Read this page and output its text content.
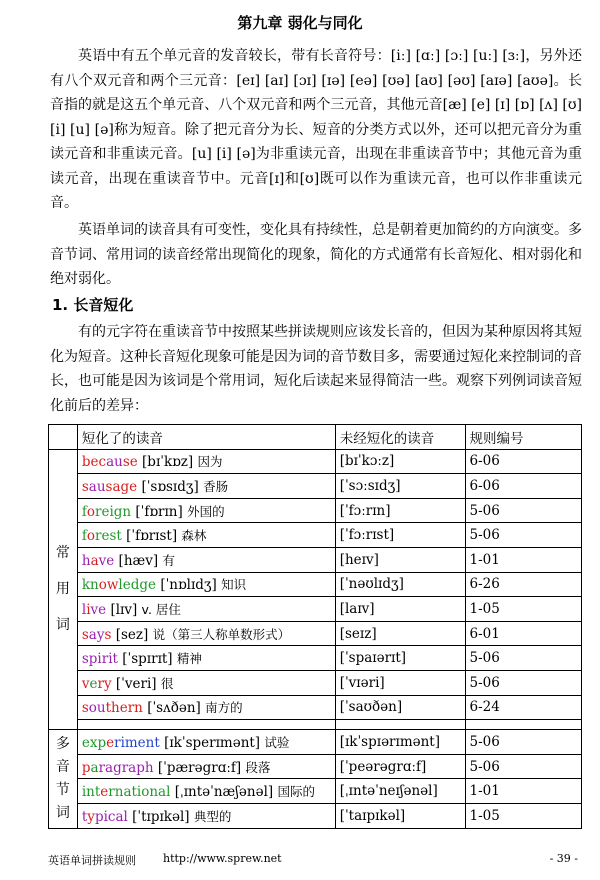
第九章 弱化与同化
英语中有五个单元音的发音较长，带有长音符号：[iː] [ɑː] [ɔː] [uː] [ɜː]，另外还有八个双元音和两个三元音：[eɪ] [aɪ] [ɔɪ] [ɪə] [eə] [ʊə] [aʊ] [əʊ] [aɪə] [aʊə]。长音指的就是这五个单元音、八个双元音和两个三元音，其他元音[æ] [e] [ɪ] [ɒ] [ʌ] [ʊ] [i] [u] [ə]称为短音。除了把元音分为长、短音的分类方式以外，还可以把元音分为重读元音和非重读元音。[u] [i] [ə]为非重读元音，出现在非重读音节中；其他元音为重读元音，出现在重读音节中。元音[ɪ]和[ʊ]既可以作为重读元音，也可以作非重读元音。
英语单词的读音具有可变性，变化具有持续性，总是朝着更加简约的方向演变。多音节词、常用词的读音经常出现简化的现象，简化的方式通常有长音短化、相对弱化和绝对弱化。
1. 长音短化
有的元字符在重读音节中按照某些拼读规则应该发长音的，但因为某种原因将其短化为短音。这种长音短化现象可能是因为词的音节数目多，需要通过短化来控制词的音长，也可能是因为该词是个常用词，短化后读起来显得简洁一些。观察下列例词读音短化前后的差异：
	短化了的读音	未经短化的读音	规则编号

常
用
词	because [bɪˈkɒz] 因为	[bɪˈkɔːz]	6-06
	sausage [ˈsɒsɪdʒ] 香肠	[ˈsɔːsɪdʒ]	6-06
	foreign [ˈfɒrɪn] 外国的	[ˈfɔːrɪn]	5-06
	forest [ˈfɒrɪst] 森林	[ˈfɔːrɪst]	5-06
	have [hæv] 有	[heɪv]	1-01
	knowledge [ˈnɒlɪdʒ] 知识	[ˈnəʊlɪdʒ]	6-26
	live [lɪv] v. 居住	[laɪv]	1-05
	says [sez] 说（第三人称单数形式）	[seɪz]	6-01
	spirit [ˈspɪrɪt] 精神	[ˈspaɪərɪt]	5-06
	very [ˈveri] 很	[ˈvɪəri]	5-06
	southern [ˈsʌðən] 南方的	[ˈsaʊðən]	6-24

多
音
节
词	experiment [ɪkˈsperɪmənt] 试验	[ɪkˈspɪərɪmənt]	5-06
	paragraph [ˈpærəgrɑːf] 段落	[ˈpeərəgrɑːf]	5-06
	international [ˌɪntəˈnæʃənəl] 国际的	[ˌɪntəˈneɪʃənəl]	1-01
	typical [ˈtɪpɪkəl] 典型的	[ˈtaɪpɪkəl]	1-05
英语单词拼读规则 http://www.sprew.net	- 39 -
